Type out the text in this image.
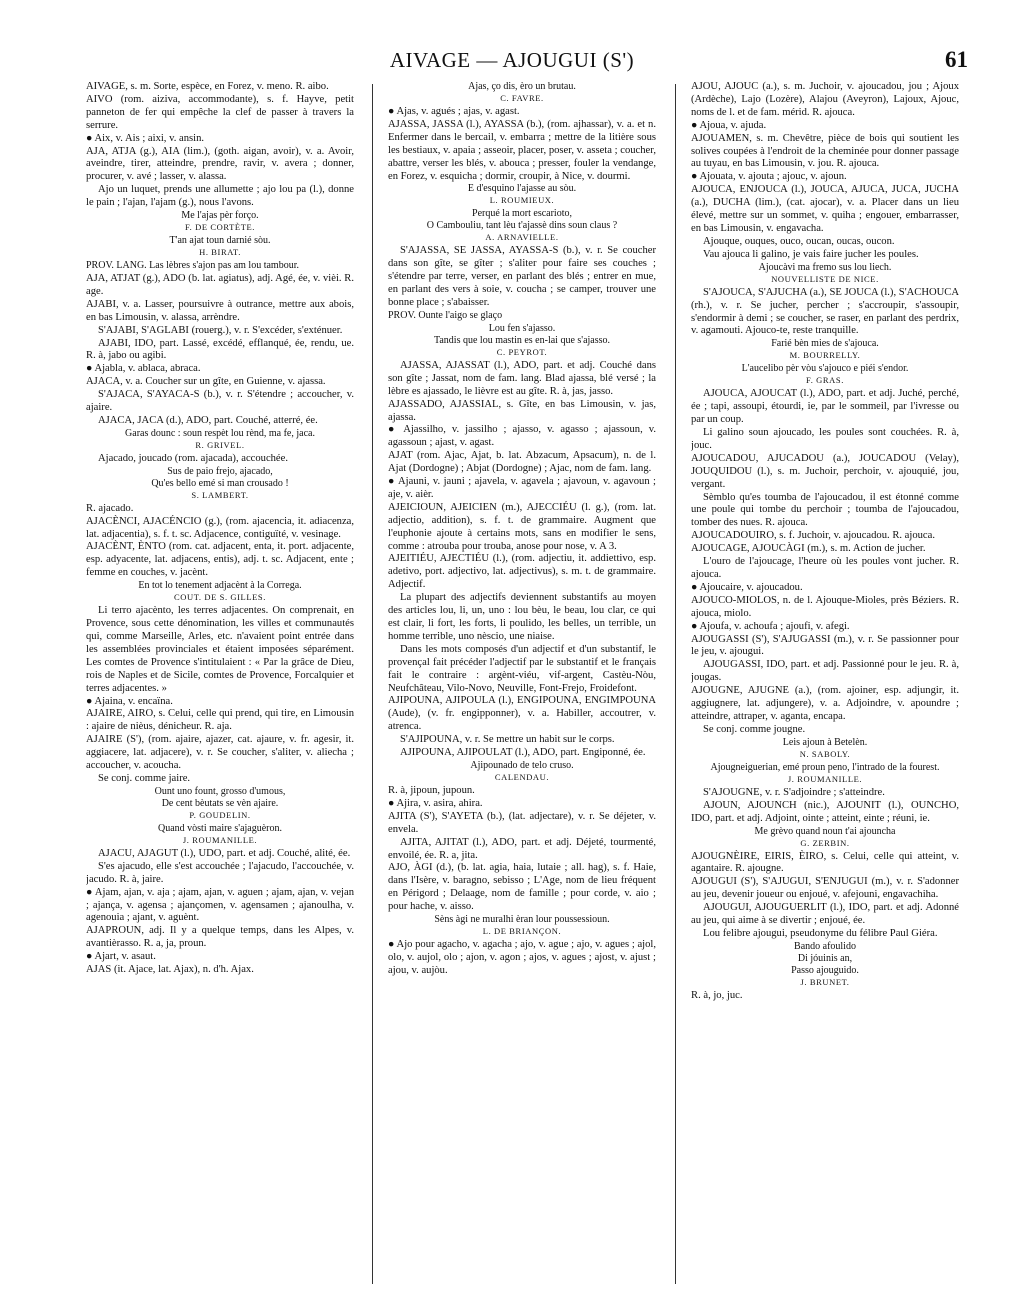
AIVAGE — AJOUGUI (S')	61

AIVAGE, s. m. Sorte, espèce, en Forez, v. meno. R. aibo.

AIVO (rom. aiziva, accommodante), s. f. Hayve, petit panneton de fer qui empêche la clef de passer à travers la serrure.

● Aix, v. Ais ; aixi, v. ansin.

AJA, ATJA (g.), AIA (lim.), (goth. aigan, avoir), v. a. Avoir, aveindre, tirer, atteindre, prendre, ravir, v. avera ; donner, procurer, v. avé ; lasser, v. alassa.

Ajo un luquet, prends une allumette ; ajo lou pa (l.), donne le pain ; l'ajan, l'ajam (g.), nous l'avons.

Me l'ajas pèr forço.

F. DE CORTÈTE.

T'an ajat toun darnié sòu.

H. BIRAT.

PROV. LANG. Las lèbres s'ajon pas am lou tambour.

AJA, ATJAT (g.), ADO (b. lat. agiatus), adj. Agé, ée, v. vièi. R. age.

AJABI, v. a. Lasser, poursuivre à outrance, mettre aux abois, en bas Limousin, v. alassa, arrèndre.

S'AJABI, S'AGLABI (rouerg.), v. r. S'excéder, s'exténuer.

AJABI, IDO, part. Lassé, excédé, efflanqué, ée, rendu, ue. R. à, jabo ou agibi.

● Ajabla, v. ablaca, abraca.

AJACA, v. a. Coucher sur un gîte, en Guienne, v. ajassa.

S'AJACA, S'AYACA-S (b.), v. r. S'étendre ; accoucher, v. ajaire.

AJACA, JACA (d.), ADO, part. Couché, atterré, ée.

Garas dounc : soun respèt lou rènd, ma fe, jaca.

R. GRIVEL.

Ajacado, joucado (rom. ajacada), accouchée.

Sus de paio frejo, ajacado,

Qu'es bello emé si man crousado !

S. LAMBERT.

R. ajacado.

AJACÈNCI, AJACÉNCIO (g.), (rom. ajacencia, it. adiacenza, lat. adjacentia), s. f. t. sc. Adjacence, contiguïté, v. vesinage.

AJACÈNT, ÈNTO (rom. cat. adjacent, enta, it. port. adjacente, esp. adyacente, lat. adjacens, entis), adj. t. sc. Adjacent, ente ; femme en couches, v. jacènt.

En tot lo tenement adjacènt à la Correga.

COUT. DE S. GILLES.

Li terro ajacènto, les terres adjacentes. On comprenait, en Provence, sous cette dénomination, les villes et communautés qui, comme Marseille, Arles, etc. n'avaient point entrée dans les assemblées provinciales et étaient imposées séparément. Les comtes de Provence s'intitulaient : « Par la grâce de Dieu, rois de Naples et de Sicile, comtes de Provence, Forcalquier et terres adjacentes. »

● Ajaina, v. encaïna.

AJAIRE, AIRO, s. Celui, celle qui prend, qui tire, en Limousin : ajaire de nièus, dénicheur. R. aja.

AJAIRE (S'), (rom. ajaire, ajazer, cat. ajaure, v. fr. agesir, it. aggiacere, lat. adjacere), v. r. Se coucher, s'aliter, v. aliecha ; accoucher, v. acoucha.

Se conj. comme jaire.

Ount uno fount, grosso d'umous,

De cent bèutats se vèn ajaire.

P. GOUDELIN.

Quand vòsti maire s'ajaguèron.

J. ROUMANILLE.

AJACU, AJAGUT (l.), UDO, part. et adj. Couché, alité, ée.

S'es ajacudo, elle s'est accouchée ; l'ajacudo, l'accouchée, v. jacudo. R. à, jaire.

● Ajam, ajan, v. aja ; ajam, ajan, v. aguen ; ajam, ajan, v. vejan ; ajança, v. agensa ; ajançomen, v. agensamen ; ajanoulha, v. agenouia ; ajant, v. aguènt.

AJAPROUN, adj. Il y a quelque temps, dans les Alpes, v. avantièrasso. R. a, ja, proun.

● Ajart, v. asaut.

AJAS (it. Ajace, lat. Ajax), n. d'h. Ajax.

Ajas, ço dis, èro un brutau.

C. FAVRE.

● Ajas, v. agués ; ajas, v. agast.

AJASSA, JASSA (l.), AYASSA (b.), (rom. ajhassar), v. a. et n. Enfermer dans le bercail, v. embarra ; mettre de la litière sous les bestiaux, v. apaia ; asseoir, placer, poser, v. asseta ; coucher, abattre, verser les blés, v. abouca ; presser, fouler la vendange, en Forez, v. esquicha ; dormir, croupir, à Nice, v. dourmi.

E d'esquino l'ajasse au sòu.

L. ROUMIEUX.

Perqué la mort escarioto,

O Cambouliu, tant lèu t'ajassè dins soun claus ?

A. ARNAVIELLE.

S'AJASSA, SE JASSA, AYASSA-S (b.), v. r. Se coucher dans son gîte, se gîter ; s'aliter pour faire ses couches ; s'étendre par terre, verser, en parlant des blés ; entrer en mue, en parlant des vers à soie, v. coucha ; se camper, trouver une bonne place ; s'abaisser.

PROV. Ounte l'aigo se glaço

Lou fen s'ajasso.

Tandis que lou mastin es en-lai que s'ajasso.

C. PEYROT.

AJASSA, AJASSAT (l.), ADO, part. et adj. Couché dans son gîte ; Jassat, nom de fam. lang. Blad ajassa, blé versé ; la lèbre es ajassado, le lièvre est au gîte. R. à, jas, jasso.

AJASSADO, AJASSIAL, s. Gîte, en bas Limousin, v. jas, ajassa.

● Ajassilho, v. jassilho ; ajasso, v. agasso ; ajassoun, v. agassoun ; ajast, v. agast.

AJAT (rom. Ajac, Ajat, b. lat. Abzacum, Apsacum), n. de l. Ajat (Dordogne) ; Abjat (Dordogne) ; Ajac, nom de fam. lang.

● Ajauni, v. jauni ; ajavela, v. agavela ; ajavoun, v. agavoun ; aje, v. aièr.

AJEICIOUN, AJEICIEN (m.), AJECCIÉU (l. g.), (rom. lat. adjectio, addition), s. f. t. de grammaire. Augment que l'euphonie ajoute à certains mots, sans en modifier le sens, comme : atrouba pour trouba, anose pour nose, v. A 3.

AJEITIÉU, AJECTIÉU (l.), (rom. adjectiu, it. addiettivo, esp. adetivo, port. adjectivo, lat. adjectivus), s. m. t. de grammaire. Adjectif.

La plupart des adjectifs deviennent substantifs au moyen des articles lou, li, un, uno : lou bèu, le beau, lou clar, ce qui est clair, li fort, les forts, li poulido, les belles, un terrible, un homme terrible, uno nèscio, une niaise.

Dans les mots composés d'un adjectif et d'un substantif, le provençal fait précéder l'adjectif par le substantif et le français fait le contraire : argènt-viéu, vif-argent, Castèu-Nòu, Neufchâteau, Vilo-Novo, Neuville, Font-Frejo, Froidefont.

AJIPOUNA, AJIPOULA (l.), ENGIPOUNA, ENGIMPOUNA (Aude), (v. fr. engipponner), v. a. Habiller, accoutrer, v. atrenca.

S'AJIPOUNA, v. r. Se mettre un habit sur le corps.

AJIPOUNA, AJIPOULAT (l.), ADO, part. Engiponné, ée.

Ajipounado de telo cruso.

CALENDAU.

R. à, jipoun, jupoun.

● Ajira, v. asira, ahira.

AJITA (S'), S'AYETA (b.), (lat. adjectare), v. r. Se déjeter, v. envela.

AJITA, AJITAT (l.), ADO, part. et adj. Déjeté, tourmenté, envoilé, ée. R. a, jita.

AJO, ÀGI (d.), (b. lat. agia, haia, lutaie ; all. hag), s. f. Haie, dans l'Isère, v. baragno, sebisso ; L'Age, nom de lieu fréquent en Périgord ; Delaage, nom de famille ; pour corde, v. aio ; pour hache, v. aisso.

Sèns àgi ne muralhi èran lour poussessioun.

L. DE BRIANÇON.

● Ajo pour agacho, v. agacha ; ajo, v. ague ; ajo, v. agues ; ajol, olo, v. aujol, olo ; ajon, v. agon ; ajos, v. agues ; ajost, v. ajust ; ajou, v. aujòu.

AJOU, AJOUC (a.), s. m. Juchoir, v. ajoucadou, jou ; Ajoux (Ardèche), Lajo (Lozère), Alajou (Aveyron), Lajoux, Ajouc, noms de l. et de fam. mérid. R. ajouca.

● Ajoua, v. ajuda.

AJOUAMEN, s. m. Chevêtre, pièce de bois qui soutient les solives coupées à l'endroit de la cheminée pour donner passage au tuyau, en bas Limousin, v. jou. R. ajouca.

● Ajouata, v. ajouta ; ajouc, v. ajoun.

AJOUCA, ENJOUCA (l.), JOUCA, AJUCA, JUCA, JUCHA (a.), DUCHA (lim.), (cat. ajocar), v. a. Placer dans un lieu élevé, mettre sur un sommet, v. quiha ; engouer, embarrasser, en bas Limousin, v. engavacha.

Ajouque, ouques, ouco, oucan, oucas, oucon.

Vau ajouca li galino, je vais faire jucher les poules.

Ajoucàvi ma fremo sus lou liech.

NOUVELLISTE DE NICE.

S'AJOUCA, S'AJUCHA (a.), SE JOUCA (l.), S'ACHOUCA (rh.), v. r. Se jucher, percher ; s'accroupir, s'assoupir, s'endormir à demi ; se coucher, se raser, en parlant des perdrix, v. agamouti. Ajouco-te, reste tranquille.

Farié bèn mies de s'ajouca.

M. BOURRELLY.

L'aucelibo pèr vòu s'ajouco e piéi s'endor.

F. GRAS.

AJOUCA, AJOUCAT (l.), ADO, part. et adj. Juché, perché, ée ; tapi, assoupi, étourdi, ie, par le sommeil, par l'ivresse ou par un coup.

Li galino soun ajoucado, les poules sont couchées. R. à, jouc.

AJOUCADOU, AJUCADOU (a.), JOUCADOU (Velay), JOUQUIDOU (l.), s. m. Juchoir, perchoir, v. ajouquié, jou, vergant.

Sèmblo qu'es toumba de l'ajoucadou, il est étonné comme une poule qui tombe du perchoir ; toumba de l'ajoucadou, tomber des nues. R. ajouca.

AJOUCADOUIRO, s. f. Juchoir, v. ajoucadou. R. ajouca.

AJOUCAGE, AJOUCÀGI (m.), s. m. Action de jucher.

L'ouro de l'ajoucage, l'heure où les poules vont jucher. R. ajouca.

● Ajoucaire, v. ajoucadou.

AJOUCO-MIOLOS, n. de l. Ajouque-Mioles, près Béziers. R. ajouca, miolo.

● Ajoufa, v. achoufa ; ajoufi, v. afegi.

AJOUGASSI (S'), S'AJUGASSI (m.), v. r. Se passionner pour le jeu, v. ajougui.

AJOUGASSI, IDO, part. et adj. Passionné pour le jeu. R. à, jougas.

AJOUGNE, AJUGNE (a.), (rom. ajoiner, esp. adjungir, it. aggiugnere, lat. adjungere), v. a. Adjoindre, v. apoundre ; atteindre, attraper, v. aganta, encapa.

Se conj. comme jougne.

Leis ajoun à Betelèn.

N. SABOLY.

Ajougneiguerian, emé proun peno, l'intrado de la fourest.

J. ROUMANILLE.

S'AJOUGNE, v. r. S'adjoindre ; s'atteindre.

AJOUN, AJOUNCH (nic.), AJOUNIT (l.), OUNCHO, IDO, part. et adj. Adjoint, ointe ; atteint, einte ; réuni, ie.

Me grèvo quand noun t'ai ajouncha

G. ZERBIN.

AJOUGNÈIRE, EIRIS, ÈIRO, s. Celui, celle qui atteint, v. agantaire. R. ajougne.

AJOUGUI (S'), S'AJUGUI, S'ENJUGUI (m.), v. r. S'adonner au jeu, devenir joueur ou enjoué, v. afejouni, engavachiha.

AJOUGUI, AJOUGUERLIT (l.), IDO, part. et adj. Adonné au jeu, qui aime à se divertir ; enjoué, ée.

Lou felibre ajougui, pseudonyme du félibre Paul Giéra.

Bando afoulido

Di jóuinis an,

Passo ajouguido.

J. BRUNET.

R. à, jo, juc.
